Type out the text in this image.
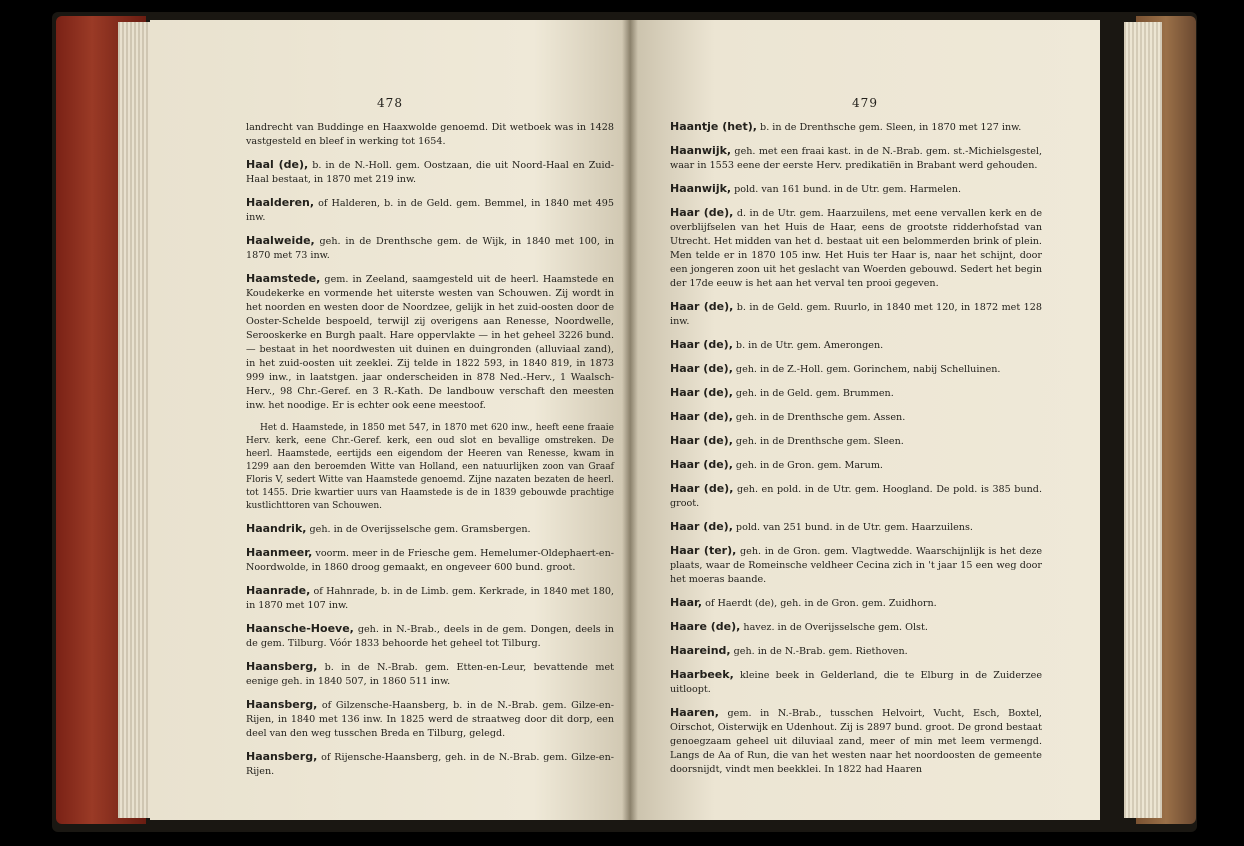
478
landrecht van Buddinge en Haaxwolde genoemd. Dit wetboek was in 1428 vastgesteld en bleef in werking tot 1654.
Haal (de), b. in de N.-Holl. gem. Oostzaan, die uit Noord-Haal en Zuid-Haal bestaat, in 1870 met 219 inw.
Haalderen, of Halderen, b. in de Geld. gem. Bemmel, in 1840 met 495 inw.
Haalweide, geh. in de Drenthsche gem. de Wijk, in 1840 met 100, in 1870 met 73 inw.
Haamstede, gem. in Zeeland, saamgesteld uit de heerl. Haamstede en Koudekerke en vormende het uiterste westen van Schouwen. Zij wordt in het noorden en westen door de Noordzee, gelijk in het zuid-oosten door de Ooster-Schelde bespoeld, terwijl zij overigens aan Renesse, Noordwelle, Serooskerke en Burgh paalt. Hare oppervlakte — in het geheel 3226 bund. — bestaat in het noordwesten uit duinen en duingronden (alluviaal zand), in het zuid-oosten uit zeeklei. Zij telde in 1822 593, in 1840 819, in 1873 999 inw., in laatstgen. jaar onderscheiden in 878 Ned.-Herv., 1 Waalsch-Herv., 98 Chr.-Geref. en 3 R.-Kath. De landbouw verschaft den meesten inw. het noodige. Er is echter ook eene meestoof.
Het d. Haamstede, in 1850 met 547, in 1870 met 620 inw., heeft eene fraaie Herv. kerk, eene Chr.-Geref. kerk, een oud slot en bevallige omstreken. De heerl. Haamstede, eertijds een eigendom der Heeren van Renesse, kwam in 1299 aan den beroemden Witte van Holland, een natuurlijken zoon van Graaf Floris V, sedert Witte van Haamstede genoemd. Zijne nazaten bezaten de heerl. tot 1455. Drie kwartier uurs van Haamstede is de in 1839 gebouwde prachtige kustlichttoren van Schouwen.
Haandrik, geh. in de Overijsselsche gem. Gramsbergen.
Haanmeer, voorm. meer in de Friesche gem. Hemelumer-Oldephaert-en-Noordwolde, in 1860 droog gemaakt, en ongeveer 600 bund. groot.
Haanrade, of Hahnrade, b. in de Limb. gem. Kerkrade, in 1840 met 180, in 1870 met 107 inw.
Haansche-Hoeve, geh. in N.-Brab., deels in de gem. Dongen, deels in de gem. Tilburg. Vóór 1833 behoorde het geheel tot Tilburg.
Haansberg, b. in de N.-Brab. gem. Etten-en-Leur, bevattende met eenige geh. in 1840 507, in 1860 511 inw.
Haansberg, of Gilzensche-Haansberg, b. in de N.-Brab. gem. Gilze-en-Rijen, in 1840 met 136 inw. In 1825 werd de straatweg door dit dorp, een deel van den weg tusschen Breda en Tilburg, gelegd.
Haansberg, of Rijensche-Haansberg, geh. in de N.-Brab. gem. Gilze-en-Rijen.
479
Haantje (het), b. in de Drenthsche gem. Sleen, in 1870 met 127 inw.
Haanwijk, geh. met een fraai kast. in de N.-Brab. gem. st.-Michielsgestel, waar in 1553 eene der eerste Herv. predikatiën in Brabant werd gehouden.
Haanwijk, pold. van 161 bund. in de Utr. gem. Harmelen.
Haar (de), d. in de Utr. gem. Haarzuilens, met eene vervallen kerk en de overblijfselen van het Huis de Haar, eens de grootste ridderhofstad van Utrecht. Het midden van het d. bestaat uit een belommerden brink of plein. Men telde er in 1870 105 inw. Het Huis ter Haar is, naar het schijnt, door een jongeren zoon uit het geslacht van Woerden gebouwd. Sedert het begin der 17de eeuw is het aan het verval ten prooi gegeven.
Haar (de), b. in de Geld. gem. Ruurlo, in 1840 met 120, in 1872 met 128 inw.
Haar (de), b. in de Utr. gem. Amerongen.
Haar (de), geh. in de Z.-Holl. gem. Gorinchem, nabij Schelluinen.
Haar (de), geh. in de Geld. gem. Brummen.
Haar (de), geh. in de Drenthsche gem. Assen.
Haar (de), geh. in de Drenthsche gem. Sleen.
Haar (de), geh. in de Gron. gem. Marum.
Haar (de), geh. en pold. in de Utr. gem. Hoogland. De pold. is 385 bund. groot.
Haar (de), pold. van 251 bund. in de Utr. gem. Haarzuilens.
Haar (ter), geh. in de Gron. gem. Vlagtwedde. Waarschijnlijk is het deze plaats, waar de Romeinsche veldheer Cecina zich in 't jaar 15 een weg door het moeras baande.
Haar, of Haerdt (de), geh. in de Gron. gem. Zuidhorn.
Haare (de), havez. in de Overijsselsche gem. Olst.
Haareind, geh. in de N.-Brab. gem. Riethoven.
Haarbeek, kleine beek in Gelderland, die te Elburg in de Zuiderzee uitloopt.
Haaren, gem. in N.-Brab., tusschen Helvoirt, Vucht, Esch, Boxtel, Oirschot, Oisterwijk en Udenhout. Zij is 2897 bund. groot. De grond bestaat genoegzaam geheel uit diluviaal zand, meer of min met leem vermengd. Langs de Aa of Run, die van het westen naar het noordoosten de gemeente doorsnijdt, vindt men beekklei. In 1822 had Haaren
